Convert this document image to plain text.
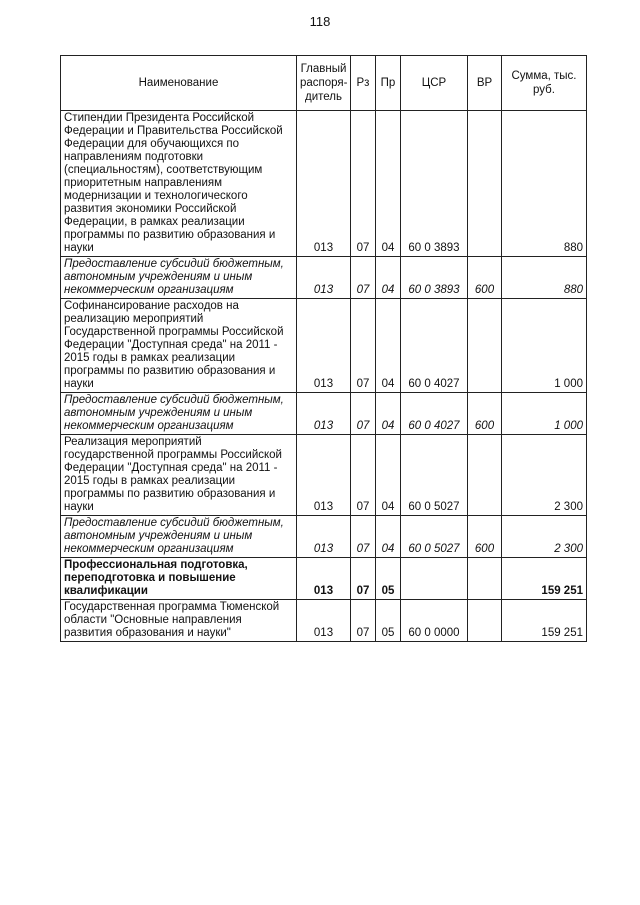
118
Наименование	Главный распоря-дитель	Рз	Пр	ЦСР	ВР	Сумма, тыс. руб.
Стипендии Президента Российской Федерации и Правительства Российской Федерации для обучающихся по направлениям подготовки (специальностям), соответствующим приоритетным направлениям модернизации и технологического развития экономики Российской Федерации, в рамках реализации программы по развитию образования и науки	013	07	04	60 0 3893		880
Предоставление субсидий бюджетным, автономным учреждениям и иным некоммерческим организациям	013	07	04	60 0 3893	600	880
Софинансирование расходов на реализацию мероприятий Государственной программы Российской Федерации "Доступная среда" на 2011 - 2015 годы в рамках реализации программы по развитию образования и науки	013	07	04	60 0 4027		1 000
Предоставление субсидий бюджетным, автономным учреждениям и иным некоммерческим организациям	013	07	04	60 0 4027	600	1 000
Реализация мероприятий государственной программы Российской Федерации "Доступная среда" на 2011 - 2015 годы в рамках реализации программы по развитию образования и науки	013	07	04	60 0 5027		2 300
Предоставление субсидий бюджетным, автономным учреждениям и иным некоммерческим организациям	013	07	04	60 0 5027	600	2 300
Профессиональная подготовка, переподготовка и повышение квалификации	013	07	05			159 251
Государственная программа Тюменской области "Основные направления развития образования и науки"	013	07	05	60 0 0000		159 251
